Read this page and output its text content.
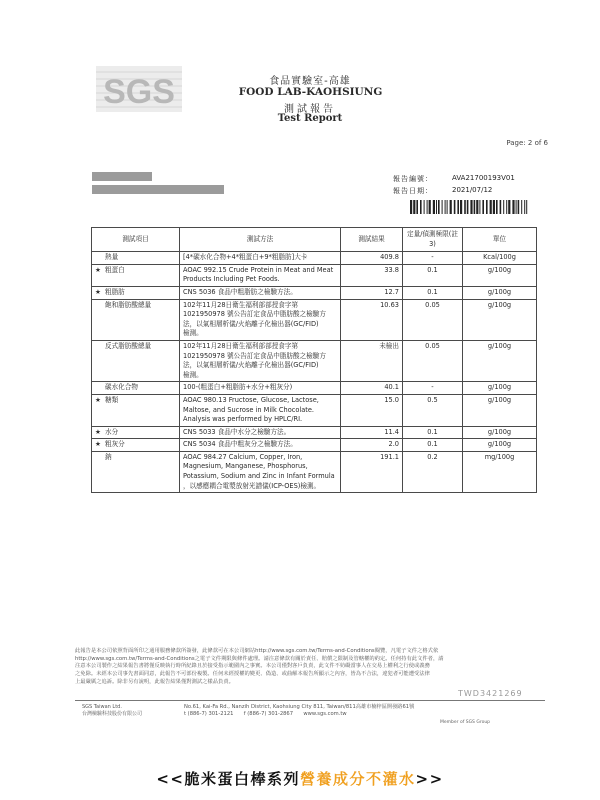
SGS	食品實驗室-高雄
FOOD LAB-KAOHSIUNG
測試報告
Test Report
Page: 2 of 6
報告編號：	AVA21700193V01
報告日期：	2021/07/12
測試項目	測試方法	測試結果	定量/偵測極限(註3)	單位
熱量	[4*碳水化合物+4*粗蛋白+9*粗脂肪]大卡	409.8	-	Kcal/100g
★ 粗蛋白	AOAC 992.15 Crude Protein in Meat and Meat
Products Including Pet Foods.	33.8	0.1	g/100g
★ 粗脂肪	CNS 5036 食品中粗脂肪之檢驗方法。	12.7	0.1	g/100g
飽和脂肪酸總量	102年11月28日衛生福利部部授食字第
1021950978 號公告訂定食品中脂肪酸之檢驗方
法，以氣相層析儀/火焰離子化檢出器(GC/FID)
檢測。	10.63	0.05	g/100g
反式脂肪酸總量	102年11月28日衛生福利部部授食字第
1021950978 號公告訂定食品中脂肪酸之檢驗方
法，以氣相層析儀/火焰離子化檢出器(GC/FID)
檢測。	未檢出	0.05	g/100g
碳水化合物	100-(粗蛋白+粗脂肪+水分+粗灰分)	40.1	-	g/100g
★ 糖類	AOAC 980.13 Fructose, Glucose, Lactose,
Maltose, and Sucrose in Milk Chocolate.
Analysis was performed by HPLC/RI.	15.0	0.5	g/100g
★ 水分	CNS 5033 食品中水分之檢驗方法。	11.4	0.1	g/100g
★ 粗灰分	CNS 5034 食品中粗灰分之檢驗方法。	2.0	0.1	g/100g
鈉	AOAC 984.27 Calcium, Copper, Iron,
Magnesium, Manganese, Phosphorus,
Potassium, Sodium and Zinc in Infant Formula
，以感應耦合電漿放射光譜儀(ICP-OES)檢測。	191.1	0.2	mg/100g
此報告是本公司依照背面所印之通用服務條款所簽發，此條款可在本公司網站http://www.sgs.com.tw/Terms-and-Conditions閱覽，凡電子文件之格式依
http://www.sgs.com.tw/Terms-and-Conditions之電子文件期限與條件處理。請注意條款有關於責任、賠償之限制及管轄權的約定。任何持有此文件者，請
注意本公司製作之結果報告書將僅反映執行時所紀錄且於接受指示範圍內之事實。本公司僅對客戶負責，此文件不妨礙當事人在交易上權利之行使或義務
之免除。未經本公司事先書面同意，此報告不可部份複製。任何未經授權的變更、偽造、或曲解本報告所顯示之內容，皆為不合法，違犯者可能遭受法律
上最嚴厲之追訴。除非另有說明，此報告結果僅對測試之樣品負責。
SGS Taiwan Ltd.
台灣檢驗科技股份有限公司
No.61, Kai-Fa Rd., Nanzih District, Kaohsiung City 811, Taiwan/811高雄市楠梓區開發路61號
t (886-7) 301-2121　　f (886-7) 301-2867　　www.sgs.com.tw
Member of SGS Group
TWD3421269
<<脆米蛋白棒系列營養成分不灌水>>
